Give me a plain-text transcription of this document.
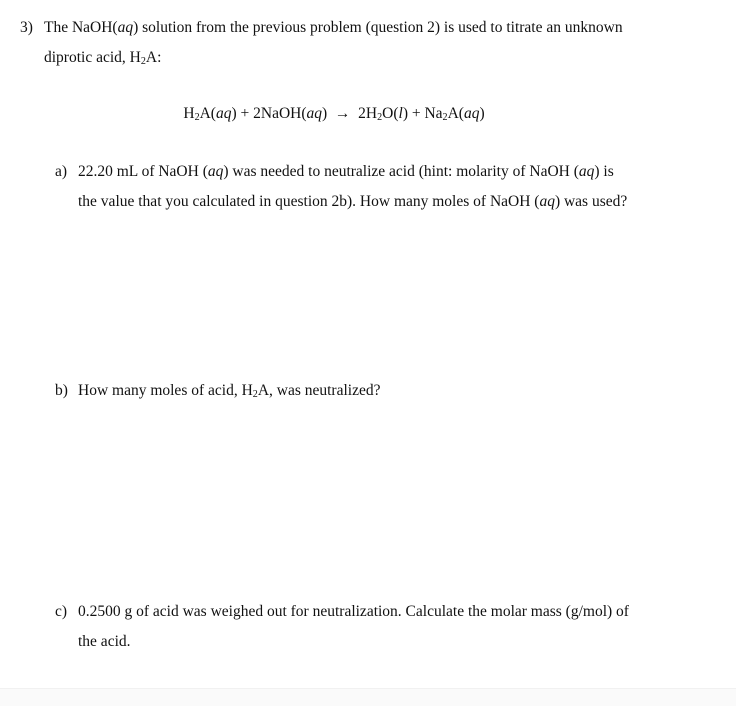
3) The NaOH(aq) solution from the previous problem (question 2) is used to titrate an unknown
diprotic acid, $H_2A$:
$H_2A(aq)$ + 2NaOH(aq)  →  $2H_2O(l) + Na_2A(aq)$
a) 22.20 mL of NaOH (aq) was needed to neutralize acid (hint: molarity of NaOH (aq) is
the value that you calculated in question 2b). How many moles of NaOH (aq) was used?
b) How many moles of acid, $H_2A$, was neutralized?
c) 0.2500 g of acid was weighed out for neutralization. Calculate the molar mass (g/mol) of
the acid.
